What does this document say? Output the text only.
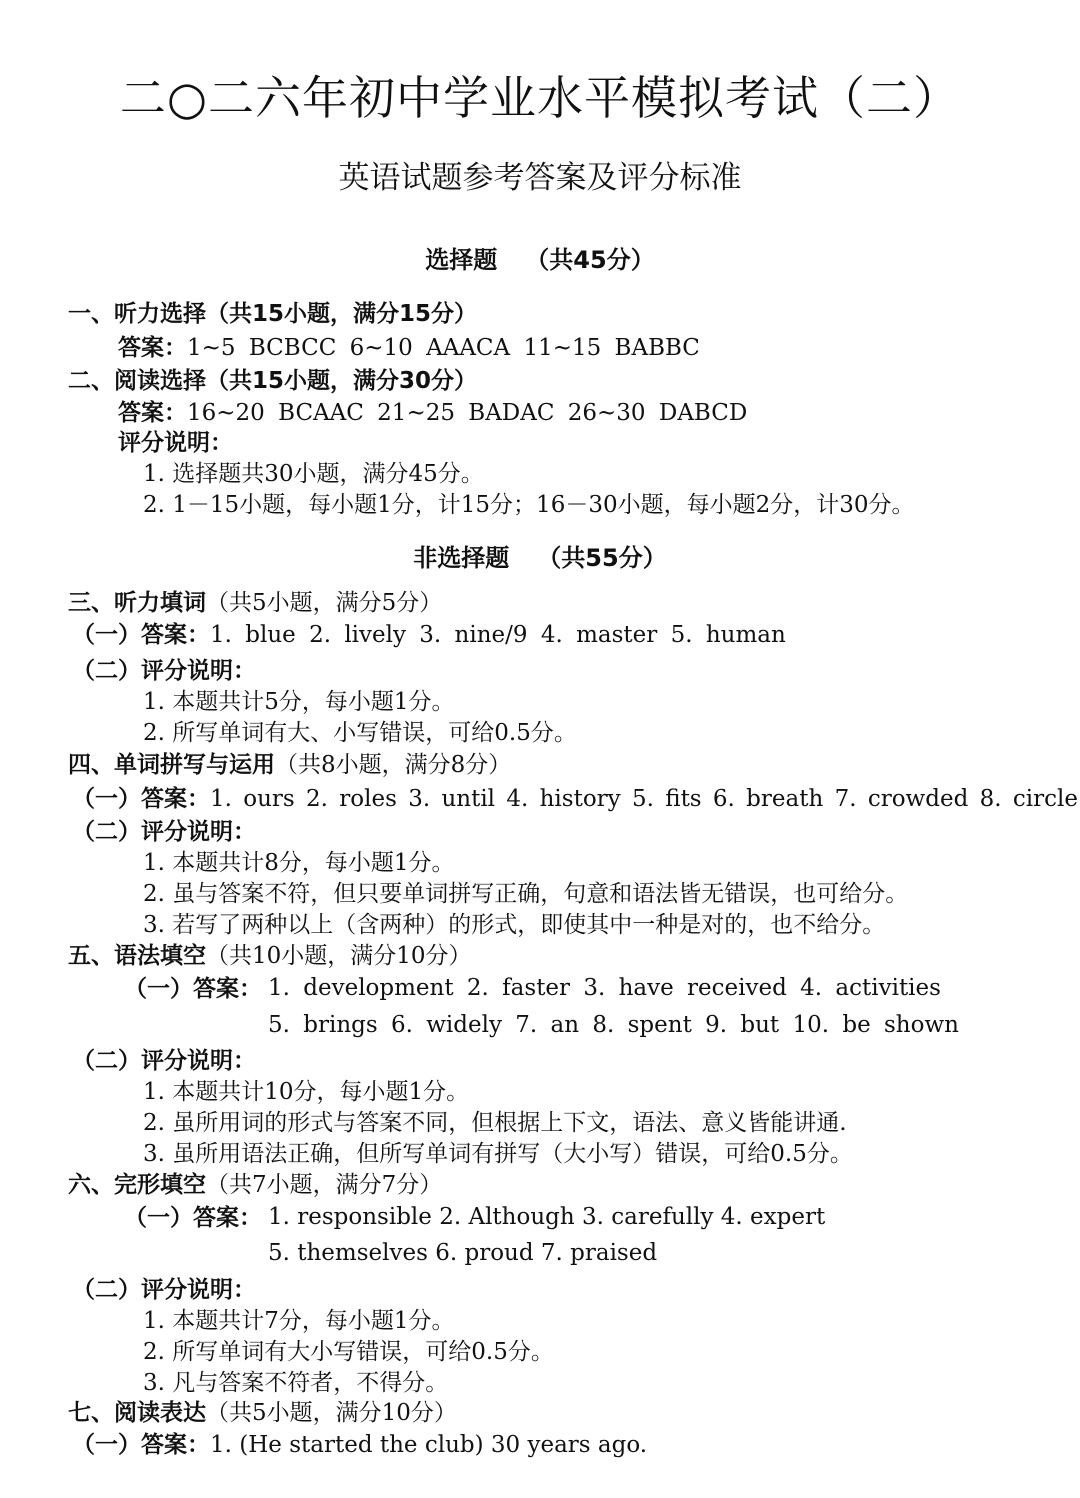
二○二六年初中学业水平模拟考试（二）
英语试题参考答案及评分标准
选择题 （共45分）
一、听力选择（共15小题，满分15分）
答案：1~5 BCBCC 6~10 AAACA 11~15 BABBC
二、阅读选择（共15小题，满分30分）
答案：16~20 BCAAC 21~25 BADAC 26~30 DABCD
评分说明：
1. 选择题共30小题，满分45分。
2. 1－15小题，每小题1分，计15分；16－30小题，每小题2分，计30分。
非选择题 （共55分）
三、听力填词（共5小题，满分5分）
（一）答案：1. blue 2. lively 3. nine/9 4. master 5. human
（二）评分说明：
1. 本题共计5分，每小题1分。
2. 所写单词有大、小写错误，可给0.5分。
四、单词拼写与运用（共8小题，满分8分）
（一）答案：1. ours 2. roles 3. until 4. history 5. fits 6. breath 7. crowded 8. circle
（二）评分说明：
1. 本题共计8分，每小题1分。
2. 虽与答案不符，但只要单词拼写正确，句意和语法皆无错误，也可给分。
3. 若写了两种以上（含两种）的形式，即使其中一种是对的，也不给分。
五、语法填空（共10小题，满分10分）
（一）答案： 1. development 2. faster 3. have received 4. activities
5. brings 6. widely 7. an 8. spent 9. but 10. be shown
（二）评分说明：
1. 本题共计10分，每小题1分。
2. 虽所用词的形式与答案不同，但根据上下文，语法、意义皆能讲通.
3. 虽所用语法正确，但所写单词有拼写（大小写）错误，可给0.5分。
六、完形填空（共7小题，满分7分）
（一）答案： 1. responsible 2. Although 3. carefully 4. expert
5. themselves 6. proud 7. praised
（二）评分说明：
1. 本题共计7分，每小题1分。
2. 所写单词有大小写错误，可给0.5分。
3. 凡与答案不符者，不得分。
七、阅读表达（共5小题，满分10分）
（一）答案：1. (He started the club) 30 years ago.
